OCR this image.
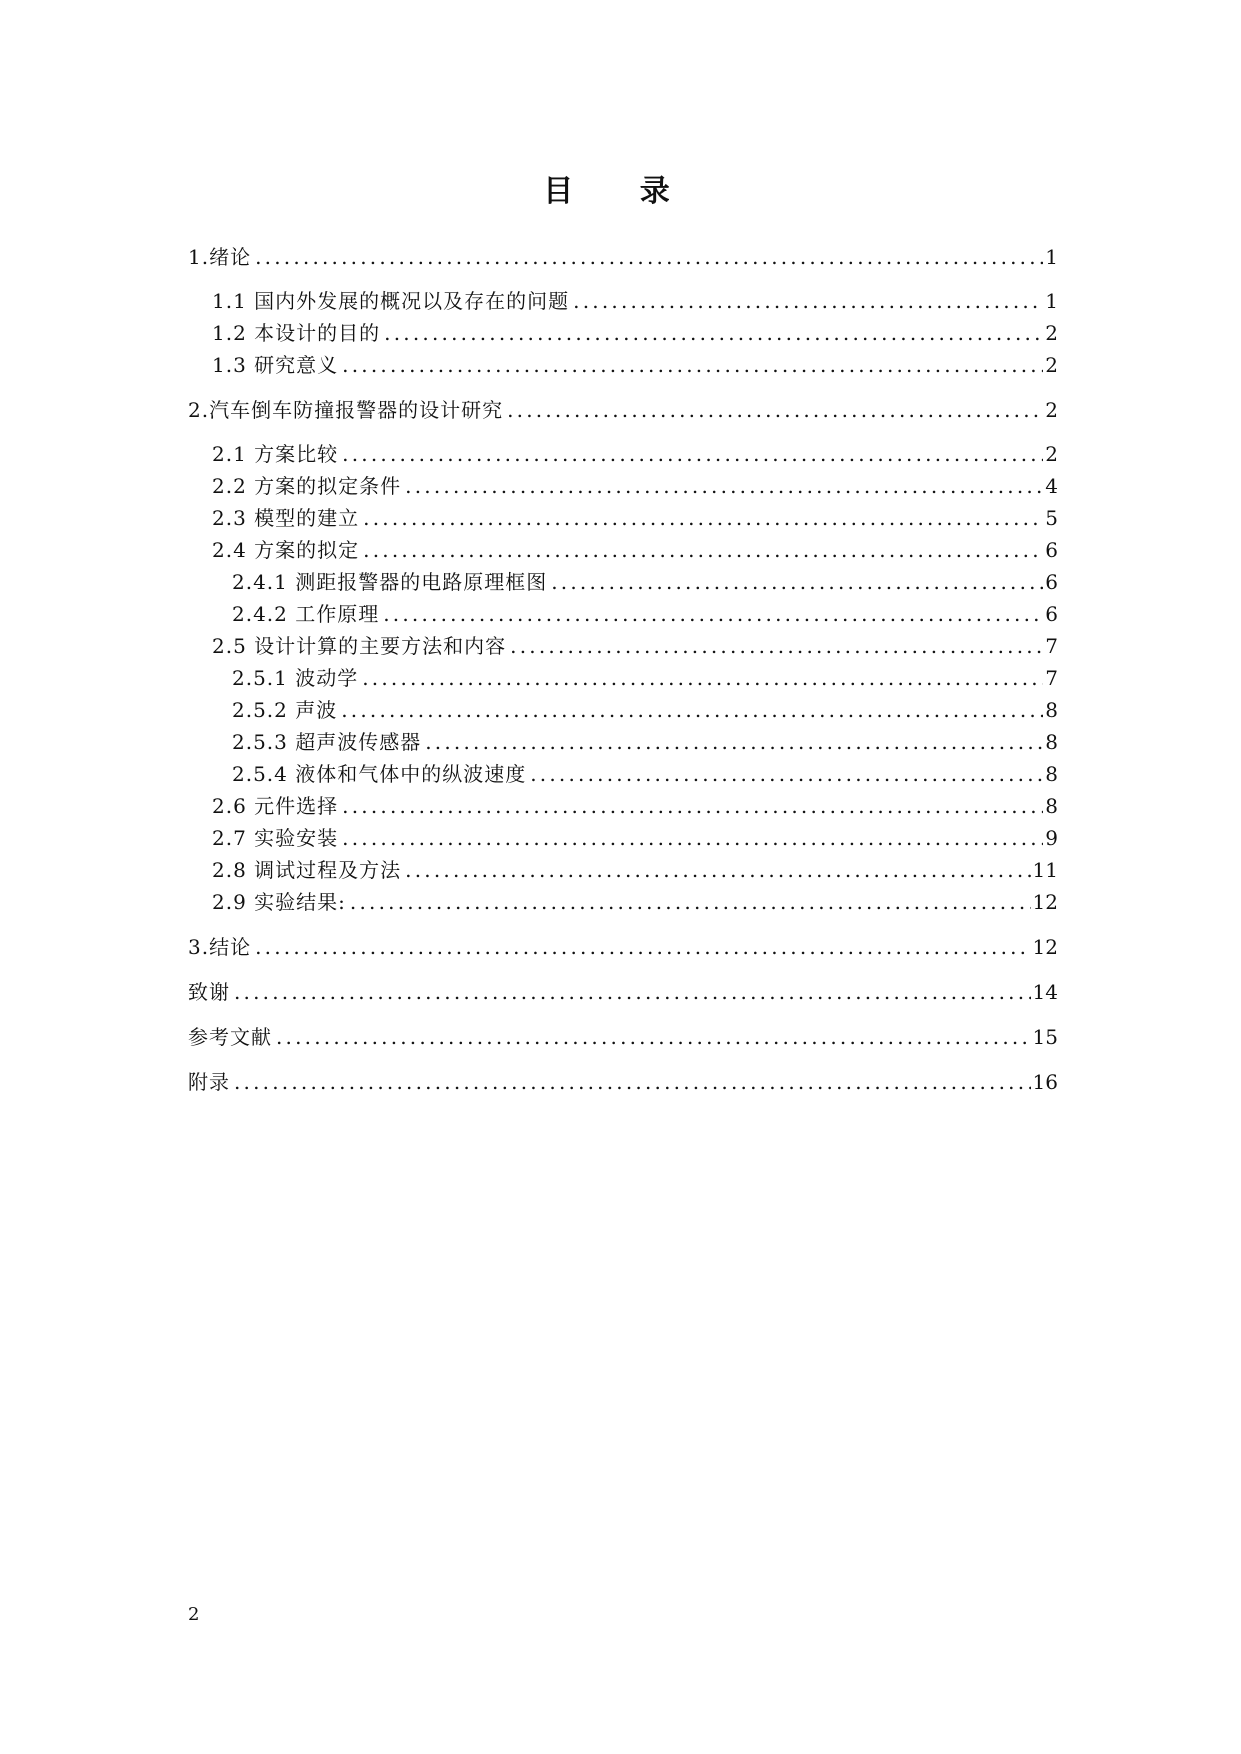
目 录
1.绪论 .....	1
1.1 国内外发展的概况以及存在的问题 .....	1
1.2 本设计的目的 .....	2
1.3 研究意义 .....	2
2.汽车倒车防撞报警器的设计研究 .....	2
2.1 方案比较 .....	2
2.2 方案的拟定条件 .....	4
2.3 模型的建立 .....	5
2.4 方案的拟定 .....	6
2.4.1 测距报警器的电路原理框图 .....	6
2.4.2 工作原理 .....	6
2.5 设计计算的主要方法和内容 .....	7
2.5.1 波动学 .....	7
2.5.2 声波 .....	8
2.5.3 超声波传感器 .....	8
2.5.4 液体和气体中的纵波速度 .....	8
2.6 元件选择 .....	8
2.7 实验安装 .....	9
2.8 调试过程及方法 .....	11
2.9 实验结果: .....	12
3.结论 .....	12
致谢 .....	14
参考文献 .....	15
附录 .....	16
2
